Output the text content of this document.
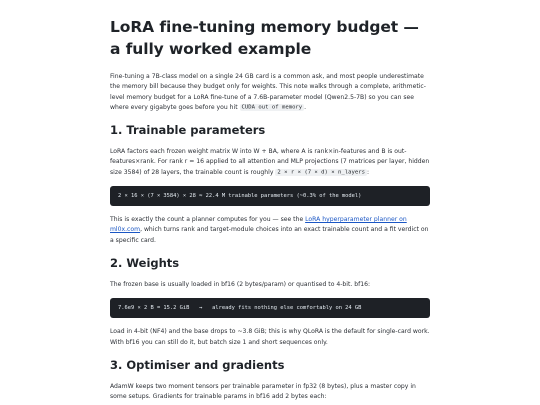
LoRA fine-tuning memory budget — a fully worked example

Fine-tuning a 7B-class model on a single 24 GB card is a common ask, and most people underestimate the memory bill because they budget only for weights. This note walks through a complete, arithmetic-level memory budget for a LoRA fine-tune of a 7.6B-parameter model (Qwen2.5-7B) so you can see where every gigabyte goes before you hit CUDA out of memory .

1. Trainable parameters

LoRA factors each frozen weight matrix W into W + BA, where A is rank×in-features and B is out-features×rank. For rank r = 16 applied to all attention and MLP projections (7 matrices per layer, hidden size 3584) of 28 layers, the trainable count is roughly 2 × r × (7 × d) × n_layers :

2 × 16 × (7 × 3584) × 28 ≈ 22.4 M trainable parameters (~0.3% of the model)

This is exactly the count a planner computes for you — see the LoRA hyperparameter planner on ml0x.com, which turns rank and target-module choices into an exact trainable count and a fit verdict on a specific card.

2. Weights

The frozen base is usually loaded in bf16 (2 bytes/param) or quantised to 4-bit. bf16:

7.6e9 × 2 B = 15.2 GiB   →   already fits nothing else comfortably on 24 GB

Load in 4-bit (NF4) and the base drops to ~3.8 GiB; this is why QLoRA is the default for single-card work. With bf16 you can still do it, but batch size 1 and short sequences only.

3. Optimiser and gradients

AdamW keeps two moment tensors per trainable parameter in fp32 (8 bytes), plus a master copy in some setups. Gradients for trainable params in bf16 add 2 bytes each:
